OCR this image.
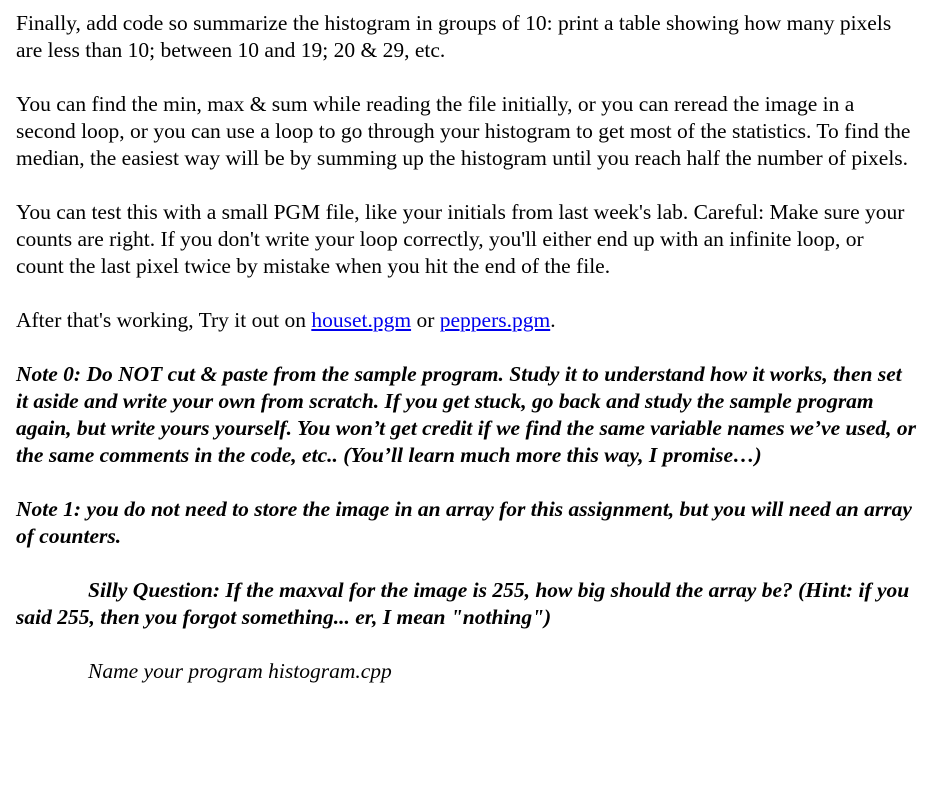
Finally, add code so summarize the histogram in groups of 10: print a table showing how many pixels are less than 10; between 10 and 19; 20 & 29, etc.

You can find the min, max & sum while reading the file initially, or you can reread the image in a second loop, or you can use a loop to go through your histogram to get most of the statistics. To find the median, the easiest way will be by summing up the histogram until you reach half the number of pixels.

You can test this with a small PGM file, like your initials from last week's lab. Careful: Make sure your counts are right. If you don't write your loop correctly, you'll either end up with an infinite loop, or count the last pixel twice by mistake when you hit the end of the file.

After that's working, Try it out on houset.pgm or peppers.pgm.

Note 0: Do NOT cut & paste from the sample program. Study it to understand how it works, then set it aside and write your own from scratch. If you get stuck, go back and study the sample program again, but write yours yourself. You won’t get credit if we find the same variable names we’ve used, or the same comments in the code, etc.. (You’ll learn much more this way, I promise…)

Note 1: you do not need to store the image in an array for this assignment, but you will need an array of counters.

Silly Question: If the maxval for the image is 255, how big should the array be? (Hint: if you said 255, then you forgot something... er, I mean "nothing")

Name your program histogram.cpp
